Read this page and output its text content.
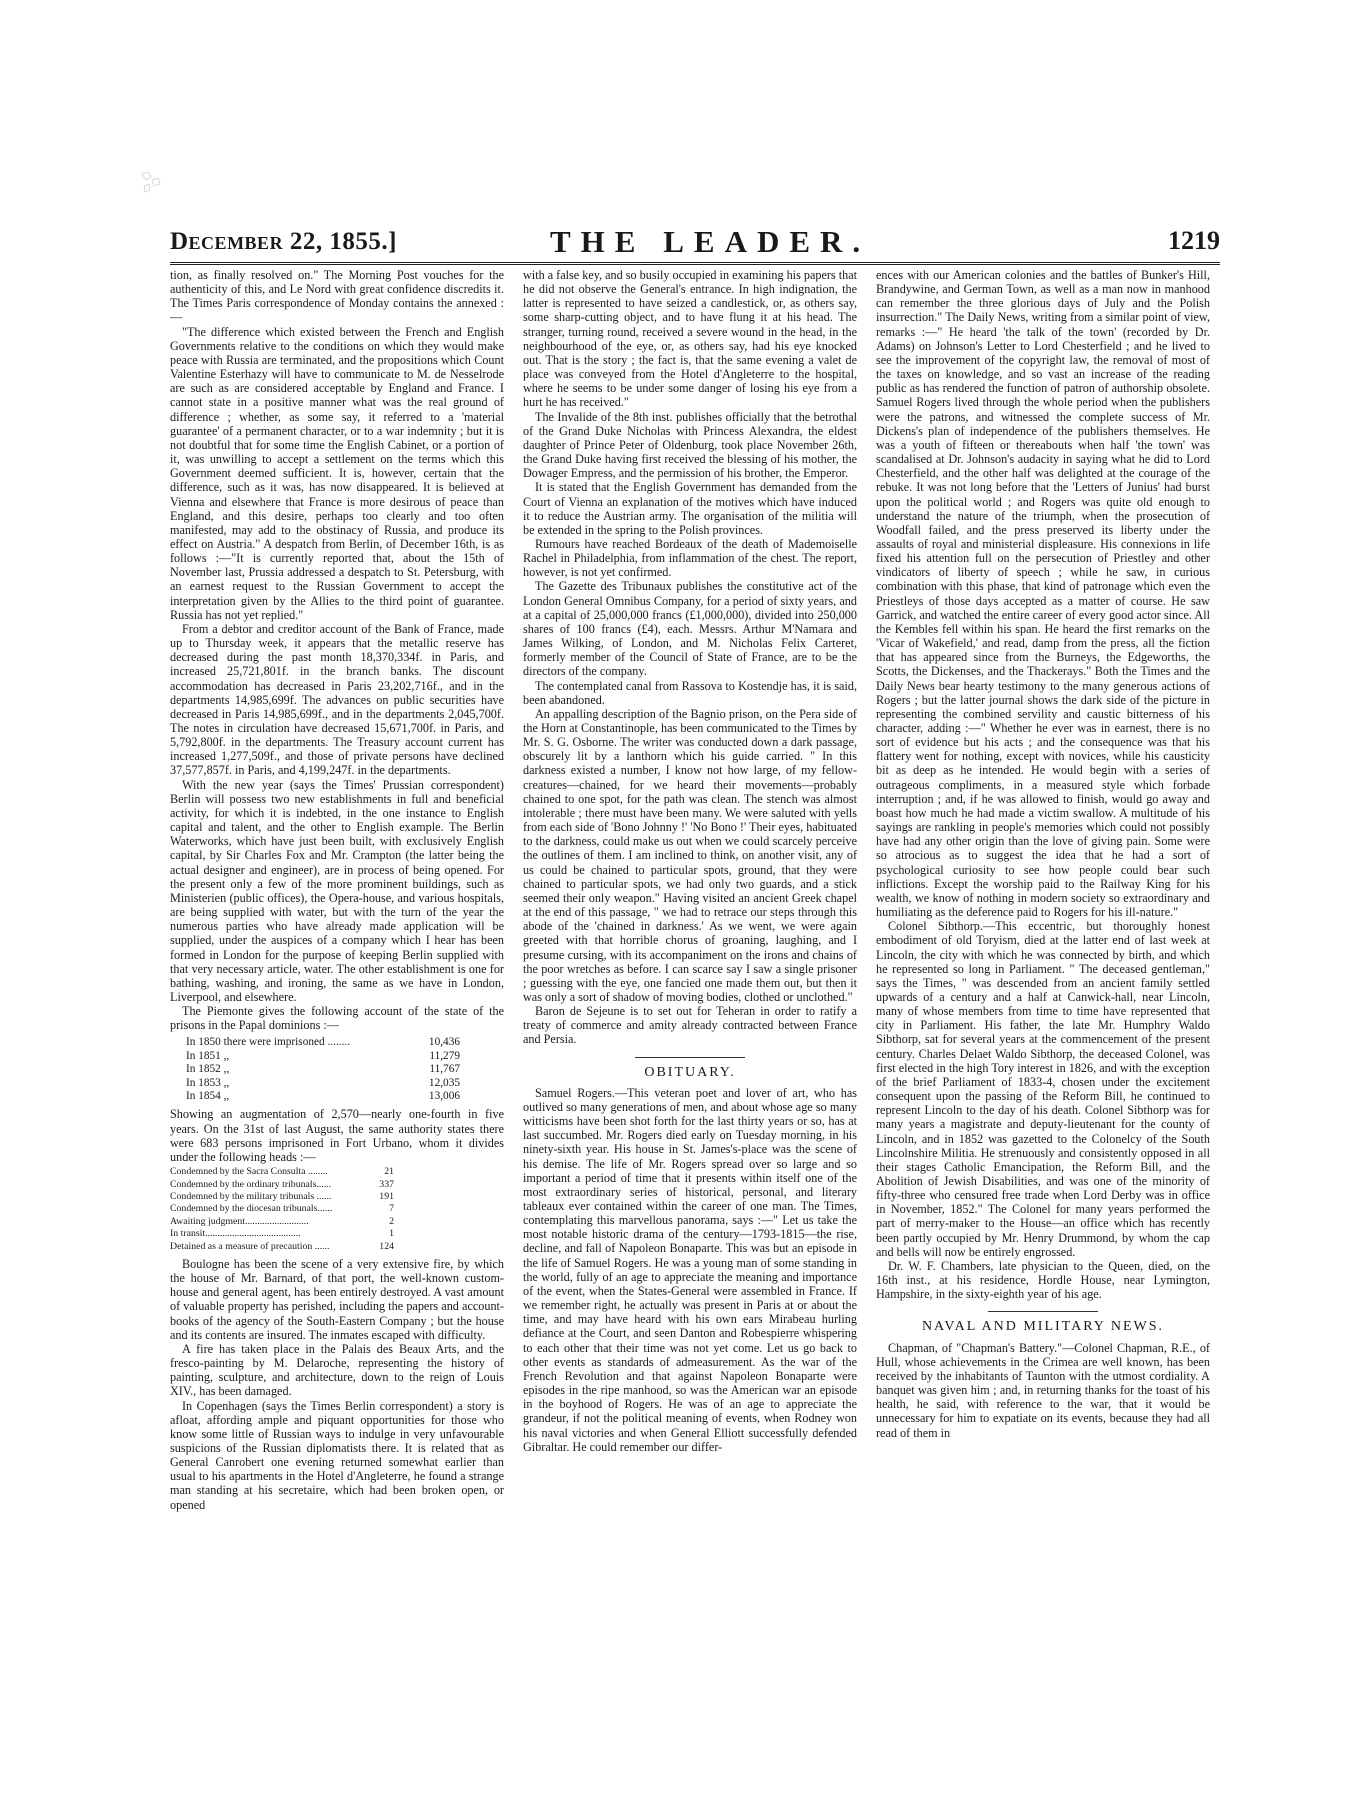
December 22, 1855.]	THE LEADER.	1219

tion, as finally resolved on." The Morning Post vouches for the authenticity of this, and Le Nord with great confidence discredits it. The Times Paris correspondence of Monday contains the annexed :—

"The difference which existed between the French and English Governments relative to the conditions on which they would make peace with Russia are terminated, and the propositions which Count Valentine Esterhazy will have to communicate to M. de Nesselrode are such as are considered acceptable by England and France. I cannot state in a positive manner what was the real ground of difference ; whether, as some say, it referred to a 'material guarantee' of a permanent character, or to a war indemnity ; but it is not doubtful that for some time the English Cabinet, or a portion of it, was unwilling to accept a settlement on the terms which this Government deemed sufficient. It is, however, certain that the difference, such as it was, has now disappeared. It is believed at Vienna and elsewhere that France is more desirous of peace than England, and this desire, perhaps too clearly and too often manifested, may add to the obstinacy of Russia, and produce its effect on Austria." A despatch from Berlin, of December 16th, is as follows :—"It is currently reported that, about the 15th of November last, Prussia addressed a despatch to St. Petersburg, with an earnest request to the Russian Government to accept the interpretation given by the Allies to the third point of guarantee. Russia has not yet replied."

From a debtor and creditor account of the Bank of France, made up to Thursday week, it appears that the metallic reserve has decreased during the past month 18,370,334f. in Paris, and increased 25,721,801f. in the branch banks. The discount accommodation has decreased in Paris 23,202,716f., and in the departments 14,985,699f. The advances on public securities have decreased in Paris 14,985,699f., and in the departments 2,045,700f. The notes in circulation have decreased 15,671,700f. in Paris, and 5,792,800f. in the departments. The Treasury account current has increased 1,277,509f., and those of private persons have declined 37,577,857f. in Paris, and 4,199,247f. in the departments.

With the new year (says the Times' Prussian correspondent) Berlin will possess two new establishments in full and beneficial activity, for which it is indebted, in the one instance to English capital and talent, and the other to English example. The Berlin Waterworks, which have just been built, with exclusively English capital, by Sir Charles Fox and Mr. Crampton (the latter being the actual designer and engineer), are in process of being opened. For the present only a few of the more prominent buildings, such as Ministerien (public offices), the Opera-house, and various hospitals, are being supplied with water, but with the turn of the year the numerous parties who have already made application will be supplied, under the auspices of a company which I hear has been formed in London for the purpose of keeping Berlin supplied with that very necessary article, water. The other establishment is one for bathing, washing, and ironing, the same as we have in London, Liverpool, and elsewhere.

The Piemonte gives the following account of the state of the prisons in the Papal dominions :—

In 1850 there were imprisoned ........	10,436
In 1851 ,,	11,279
In 1852 ,,	11,767
In 1853 ,,	12,035
In 1854 ,,	13,006

Showing an augmentation of 2,570—nearly one-fourth in five years. On the 31st of last August, the same authority states there were 683 persons imprisoned in Fort Urbano, whom it divides under the following heads :—

Condemned by the Sacra Consulta ........	21
Condemned by the ordinary tribunals......	337
Condemned by the military tribunals ......	191
Condemned by the diocesan tribunals......	7
Awaiting judgment..........................	2
In transit.......................................	1
Detained as a measure of precaution ......	124

Boulogne has been the scene of a very extensive fire, by which the house of Mr. Barnard, of that port, the well-known custom-house and general agent, has been entirely destroyed. A vast amount of valuable property has perished, including the papers and account-books of the agency of the South-Eastern Company ; but the house and its contents are insured. The inmates escaped with difficulty.

A fire has taken place in the Palais des Beaux Arts, and the fresco-painting by M. Delaroche, representing the history of painting, sculpture, and architecture, down to the reign of Louis XIV., has been damaged.

In Copenhagen (says the Times Berlin correspondent) a story is afloat, affording ample and piquant opportunities for those who know some little of Russian ways to indulge in very unfavourable suspicions of the Russian diplomatists there. It is related that as General Canrobert one evening returned somewhat earlier than usual to his apartments in the Hotel d'Angleterre, he found a strange man standing at his secretaire, which had been broken open, or opened

with a false key, and so busily occupied in examining his papers that he did not observe the General's entrance. In high indignation, the latter is represented to have seized a candlestick, or, as others say, some sharp-cutting object, and to have flung it at his head. The stranger, turning round, received a severe wound in the head, in the neighbourhood of the eye, or, as others say, had his eye knocked out. That is the story ; the fact is, that the same evening a valet de place was conveyed from the Hotel d'Angleterre to the hospital, where he seems to be under some danger of losing his eye from a hurt he has received."

The Invalide of the 8th inst. publishes officially that the betrothal of the Grand Duke Nicholas with Princess Alexandra, the eldest daughter of Prince Peter of Oldenburg, took place November 26th, the Grand Duke having first received the blessing of his mother, the Dowager Empress, and the permission of his brother, the Emperor.

It is stated that the English Government has demanded from the Court of Vienna an explanation of the motives which have induced it to reduce the Austrian army. The organisation of the militia will be extended in the spring to the Polish provinces.

Rumours have reached Bordeaux of the death of Mademoiselle Rachel in Philadelphia, from inflammation of the chest. The report, however, is not yet confirmed.

The Gazette des Tribunaux publishes the constitutive act of the London General Omnibus Company, for a period of sixty years, and at a capital of 25,000,000 francs (£1,000,000), divided into 250,000 shares of 100 francs (£4), each. Messrs. Arthur M'Namara and James Wilking, of London, and M. Nicholas Felix Carteret, formerly member of the Council of State of France, are to be the directors of the company.

The contemplated canal from Rassova to Kostendje has, it is said, been abandoned.

An appalling description of the Bagnio prison, on the Pera side of the Horn at Constantinople, has been communicated to the Times by Mr. S. G. Osborne. The writer was conducted down a dark passage, obscurely lit by a lanthorn which his guide carried. " In this darkness existed a number, I know not how large, of my fellow-creatures—chained, for we heard their movements—probably chained to one spot, for the path was clean. The stench was almost intolerable ; there must have been many. We were saluted with yells from each side of 'Bono Johnny !' 'No Bono !' Their eyes, habituated to the darkness, could make us out when we could scarcely perceive the outlines of them. I am inclined to think, on another visit, any of us could be chained to particular spots, ground, that they were chained to particular spots, we had only two guards, and a stick seemed their only weapon." Having visited an ancient Greek chapel at the end of this passage, " we had to retrace our steps through this abode of the 'chained in darkness.' As we went, we were again greeted with that horrible chorus of groaning, laughing, and I presume cursing, with its accompaniment on the irons and chains of the poor wretches as before. I can scarce say I saw a single prisoner ; guessing with the eye, one fancied one made them out, but then it was only a sort of shadow of moving bodies, clothed or unclothed."

Baron de Sejeune is to set out for Teheran in order to ratify a treaty of commerce and amity already contracted between France and Persia.

OBITUARY.

Samuel Rogers.—This veteran poet and lover of art, who has outlived so many generations of men, and about whose age so many witticisms have been shot forth for the last thirty years or so, has at last succumbed. Mr. Rogers died early on Tuesday morning, in his ninety-sixth year. His house in St. James's-place was the scene of his demise. The life of Mr. Rogers spread over so large and so important a period of time that it presents within itself one of the most extraordinary series of historical, personal, and literary tableaux ever contained within the career of one man. The Times, contemplating this marvellous panorama, says :—" Let us take the most notable historic drama of the century—1793-1815—the rise, decline, and fall of Napoleon Bonaparte. This was but an episode in the life of Samuel Rogers. He was a young man of some standing in the world, fully of an age to appreciate the meaning and importance of the event, when the States-General were assembled in France. If we remember right, he actually was present in Paris at or about the time, and may have heard with his own ears Mirabeau hurling defiance at the Court, and seen Danton and Robespierre whispering to each other that their time was not yet come. Let us go back to other events as standards of admeasurement. As the war of the French Revolution and that against Napoleon Bonaparte were episodes in the ripe manhood, so was the American war an episode in the boyhood of Rogers. He was of an age to appreciate the grandeur, if not the political meaning of events, when Rodney won his naval victories and when General Elliott successfully defended Gibraltar. He could remember our differ-

ences with our American colonies and the battles of Bunker's Hill, Brandywine, and German Town, as well as a man now in manhood can remember the three glorious days of July and the Polish insurrection." The Daily News, writing from a similar point of view, remarks :—" He heard 'the talk of the town' (recorded by Dr. Adams) on Johnson's Letter to Lord Chesterfield ; and he lived to see the improvement of the copyright law, the removal of most of the taxes on knowledge, and so vast an increase of the reading public as has rendered the function of patron of authorship obsolete. Samuel Rogers lived through the whole period when the publishers were the patrons, and witnessed the complete success of Mr. Dickens's plan of independence of the publishers themselves. He was a youth of fifteen or thereabouts when half 'the town' was scandalised at Dr. Johnson's audacity in saying what he did to Lord Chesterfield, and the other half was delighted at the courage of the rebuke. It was not long before that the 'Letters of Junius' had burst upon the political world ; and Rogers was quite old enough to understand the nature of the triumph, when the prosecution of Woodfall failed, and the press preserved its liberty under the assaults of royal and ministerial displeasure. His connexions in life fixed his attention full on the persecution of Priestley and other vindicators of liberty of speech ; while he saw, in curious combination with this phase, that kind of patronage which even the Priestleys of those days accepted as a matter of course. He saw Garrick, and watched the entire career of every good actor since. All the Kembles fell within his span. He heard the first remarks on the 'Vicar of Wakefield,' and read, damp from the press, all the fiction that has appeared since from the Burneys, the Edgeworths, the Scotts, the Dickenses, and the Thackerays." Both the Times and the Daily News bear hearty testimony to the many generous actions of Rogers ; but the latter journal shows the dark side of the picture in representing the combined servility and caustic bitterness of his character, adding :—" Whether he ever was in earnest, there is no sort of evidence but his acts ; and the consequence was that his flattery went for nothing, except with novices, while his causticity bit as deep as he intended. He would begin with a series of outrageous compliments, in a measured style which forbade interruption ; and, if he was allowed to finish, would go away and boast how much he had made a victim swallow. A multitude of his sayings are rankling in people's memories which could not possibly have had any other origin than the love of giving pain. Some were so atrocious as to suggest the idea that he had a sort of psychological curiosity to see how people could bear such inflictions. Except the worship paid to the Railway King for his wealth, we know of nothing in modern society so extraordinary and humiliating as the deference paid to Rogers for his ill-nature."

Colonel Sibthorp.—This eccentric, but thoroughly honest embodiment of old Toryism, died at the latter end of last week at Lincoln, the city with which he was connected by birth, and which he represented so long in Parliament. " The deceased gentleman," says the Times, " was descended from an ancient family settled upwards of a century and a half at Canwick-hall, near Lincoln, many of whose members from time to time have represented that city in Parliament. His father, the late Mr. Humphry Waldo Sibthorp, sat for several years at the commencement of the present century. Charles Delaet Waldo Sibthorp, the deceased Colonel, was first elected in the high Tory interest in 1826, and with the exception of the brief Parliament of 1833-4, chosen under the excitement consequent upon the passing of the Reform Bill, he continued to represent Lincoln to the day of his death. Colonel Sibthorp was for many years a magistrate and deputy-lieutenant for the county of Lincoln, and in 1852 was gazetted to the Colonelcy of the South Lincolnshire Militia. He strenuously and consistently opposed in all their stages Catholic Emancipation, the Reform Bill, and the Abolition of Jewish Disabilities, and was one of the minority of fifty-three who censured free trade when Lord Derby was in office in November, 1852." The Colonel for many years performed the part of merry-maker to the House—an office which has recently been partly occupied by Mr. Henry Drummond, by whom the cap and bells will now be entirely engrossed.

Dr. W. F. Chambers, late physician to the Queen, died, on the 16th inst., at his residence, Hordle House, near Lymington, Hampshire, in the sixty-eighth year of his age.

NAVAL AND MILITARY NEWS.

Chapman, of "Chapman's Battery."—Colonel Chapman, R.E., of Hull, whose achievements in the Crimea are well known, has been received by the inhabitants of Taunton with the utmost cordiality. A banquet was given him ; and, in returning thanks for the toast of his health, he said, with reference to the war, that it would be unnecessary for him to expatiate on its events, because they had all read of them in
